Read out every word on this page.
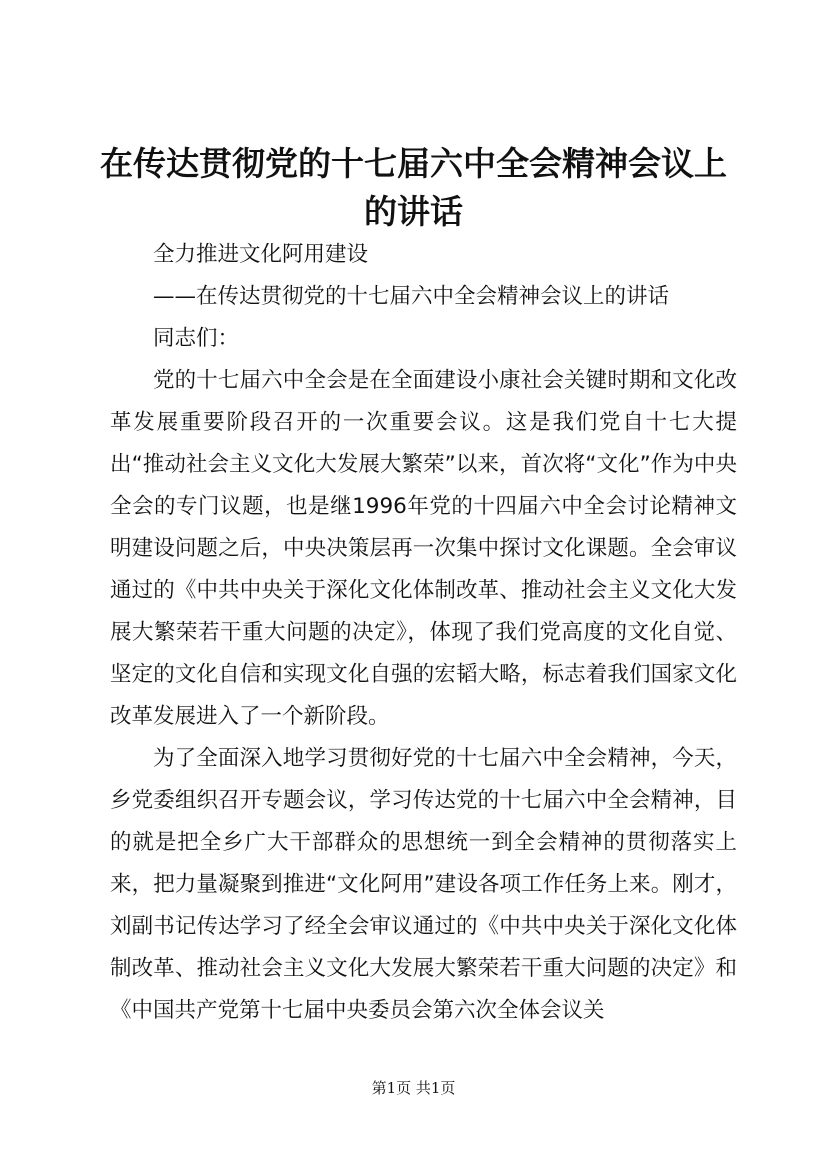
在传达贯彻党的十七届六中全会精神会议上的讲话

全力推进文化阿用建设

——在传达贯彻党的十七届六中全会精神会议上的讲话

同志们：

党的十七届六中全会是在全面建设小康社会关键时期和文化改革发展重要阶段召开的一次重要会议。这是我们党自十七大提出“推动社会主义文化大发展大繁荣”以来，首次将“文化”作为中央全会的专门议题，也是继1996年党的十四届六中全会讨论精神文明建设问题之后，中央决策层再一次集中探讨文化课题。全会审议通过的《中共中央关于深化文化体制改革、推动社会主义文化大发展大繁荣若干重大问题的决定》，体现了我们党高度的文化自觉、坚定的文化自信和实现文化自强的宏韬大略，标志着我们国家文化改革发展进入了一个新阶段。

为了全面深入地学习贯彻好党的十七届六中全会精神，今天，乡党委组织召开专题会议，学习传达党的十七届六中全会精神，目的就是把全乡广大干部群众的思想统一到全会精神的贯彻落实上来，把力量凝聚到推进“文化阿用”建设各项工作任务上来。刚才，刘副书记传达学习了经全会审议通过的《中共中央关于深化文化体制改革、推动社会主义文化大发展大繁荣若干重大问题的决定》和《中国共产党第十七届中央委员会第六次全体会议关

第1页 共1页
